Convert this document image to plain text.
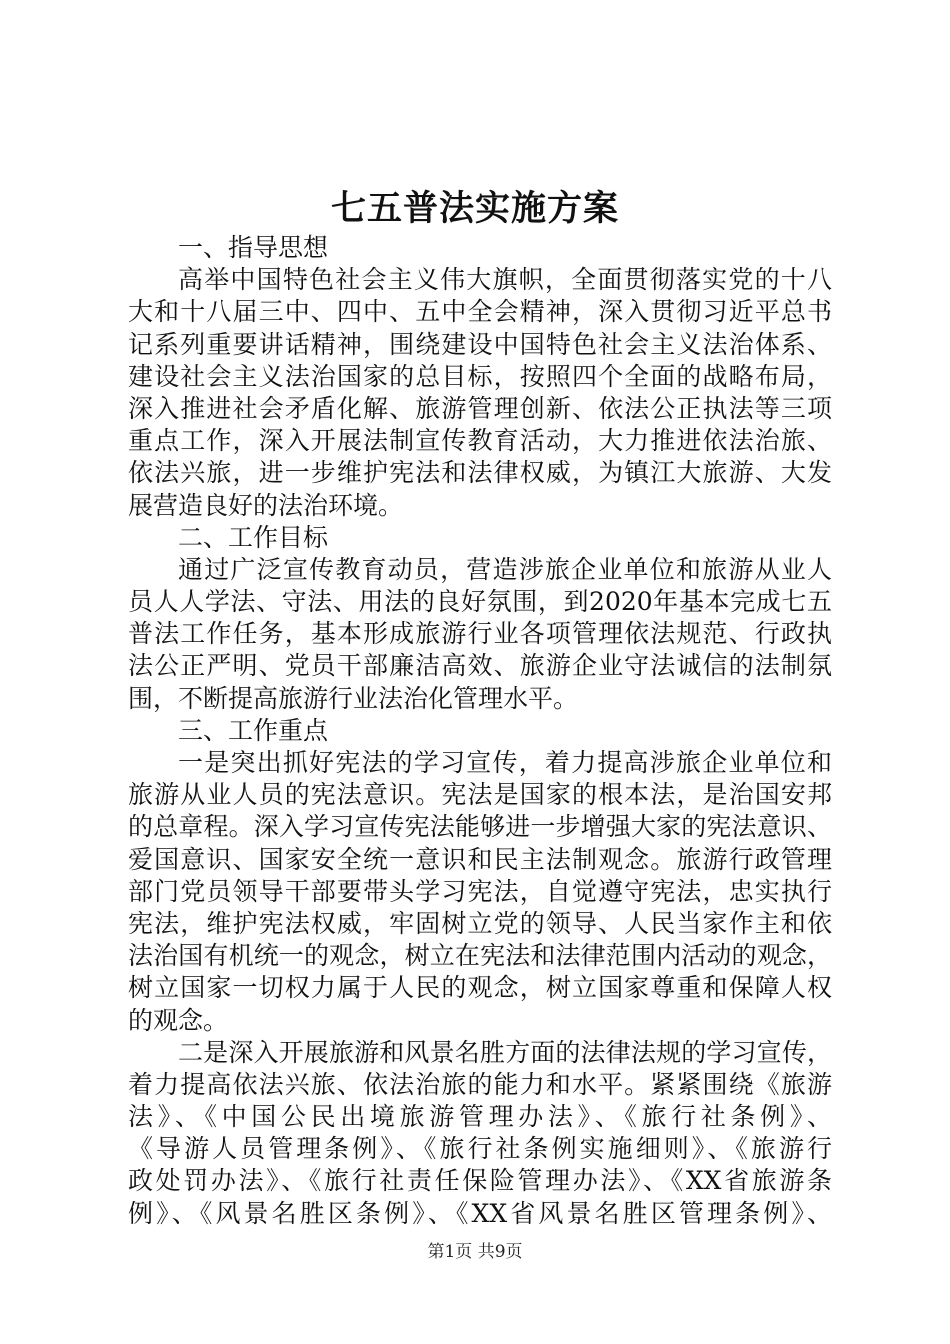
七五普法实施方案
一、指导思想
高举中国特色社会主义伟大旗帜，全面贯彻落实党的十八
大和十八届三中、四中、五中全会精神，深入贯彻习近平总书
记系列重要讲话精神，围绕建设中国特色社会主义法治体系、
建设社会主义法治国家的总目标，按照四个全面的战略布局，
深入推进社会矛盾化解、旅游管理创新、依法公正执法等三项
重点工作，深入开展法制宣传教育活动，大力推进依法治旅、
依法兴旅，进一步维护宪法和法律权威，为镇江大旅游、大发
展营造良好的法治环境。
二、工作目标
通过广泛宣传教育动员，营造涉旅企业单位和旅游从业人
员人人学法、守法、用法的良好氛围，到2020年基本完成七五
普法工作任务，基本形成旅游行业各项管理依法规范、行政执
法公正严明、党员干部廉洁高效、旅游企业守法诚信的法制氛
围，不断提高旅游行业法治化管理水平。
三、工作重点
一是突出抓好宪法的学习宣传，着力提高涉旅企业单位和
旅游从业人员的宪法意识。宪法是国家的根本法，是治国安邦
的总章程。深入学习宣传宪法能够进一步增强大家的宪法意识、
爱国意识、国家安全统一意识和民主法制观念。旅游行政管理
部门党员领导干部要带头学习宪法，自觉遵守宪法，忠实执行
宪法，维护宪法权威，牢固树立党的领导、人民当家作主和依
法治国有机统一的观念，树立在宪法和法律范围内活动的观念，
树立国家一切权力属于人民的观念，树立国家尊重和保障人权
的观念。
二是深入开展旅游和风景名胜方面的法律法规的学习宣传，
着力提高依法兴旅、依法治旅的能力和水平。紧紧围绕《旅游
法》、《中国公民出境旅游管理办法》、《旅行社条例》、
《导游人员管理条例》、《旅行社条例实施细则》、《旅游行
政处罚办法》、《旅行社责任保险管理办法》、《XX省旅游条
例》、《风景名胜区条例》、《XX省风景名胜区管理条例》、
第1页 共9页
